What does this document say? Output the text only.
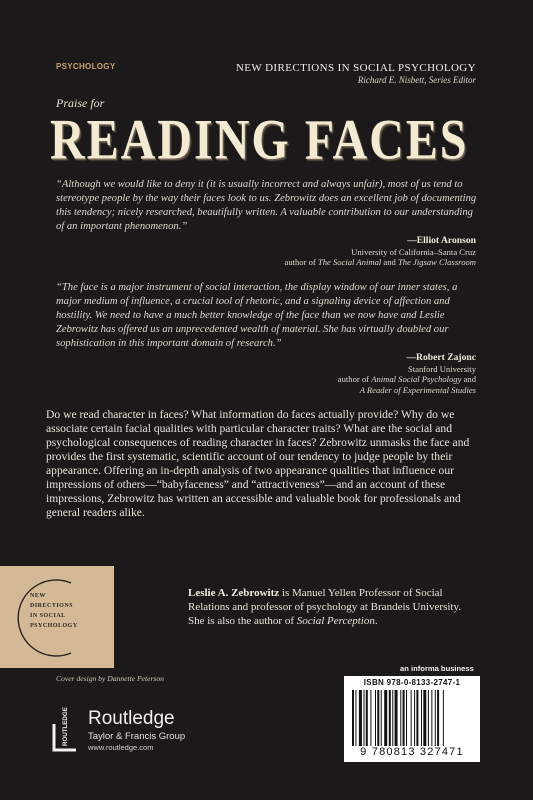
PSYCHOLOGY	NEW DIRECTIONS IN SOCIAL PSYCHOLOGY
Richard E. Nisbett, Series Editor
Praise for
READING FACES
“Although we would like to deny it (it is usually incorrect and always unfair), most of us tend to stereotype people by the way their faces look to us. Zebrowitz does an excellent job of documenting this tendency; nicely researched, beautifully written. A valuable contribution to our understanding of an important phenomenon.”
—Elliot Aronson
University of California–Santa Cruz
author of The Social Animal and The Jigsaw Classroom
“The face is a major instrument of social interaction, the display window of our inner states, a major medium of influence, a crucial tool of rhetoric, and a signaling device of affection and hostility. We need to have a much better knowledge of the face than we now have and Leslie Zebrowitz has offered us an unprecedented wealth of material. She has virtually doubled our sophistication in this important domain of research.”
—Robert Zajonc
Stanford University
author of Animal Social Psychology and
A Reader of Experimental Studies
Do we read character in faces? What information do faces actually provide? Why do we associate certain facial qualities with particular character traits? What are the social and psychological consequences of reading character in faces? Zebrowitz unmasks the face and provides the first systematic, scientific account of our tendency to judge people by their appearance. Offering an in-depth analysis of two appearance qualities that influence our impressions of others—“babyfaceness” and “attractiveness”—and an account of these impressions, Zebrowitz has written an accessible and valuable book for professionals and general readers alike.
NEW
DIRECTIONS
IN SOCIAL
PSYCHOLOGY
Leslie A. Zebrowitz is Manuel Yellen Professor of Social Relations and professor of psychology at Brandeis University. She is also the author of Social Perception.
Cover design by Dannette Peterson
ROUTLEDGE Routledge
Taylor & Francis Group
www.routledge.com
an informa business
ISBN 978-0-8133-2747-1
9 780813 327471
